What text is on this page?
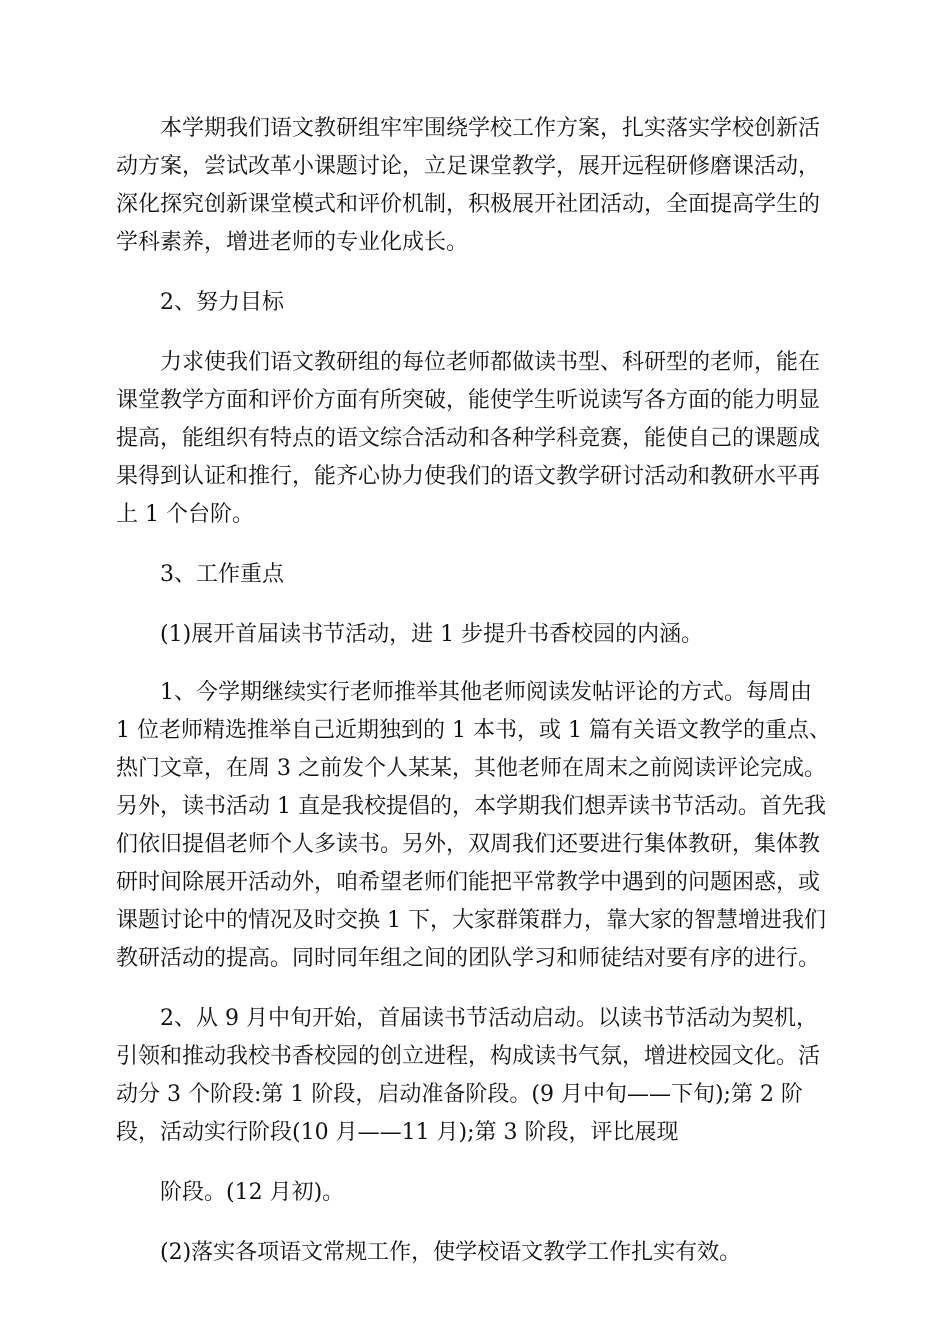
本学期我们语文教研组牢牢围绕学校工作方案，扎实落实学校创新活
动方案，尝试改革小课题讨论，立足课堂教学，展开远程研修磨课活动，
深化探究创新课堂模式和评价机制，积极展开社团活动，全面提高学生的
学科素养，增进老师的专业化成长。
2、努力目标
力求使我们语文教研组的每位老师都做读书型、科研型的老师，能在
课堂教学方面和评价方面有所突破，能使学生听说读写各方面的能力明显
提高，能组织有特点的语文综合活动和各种学科竞赛，能使自己的课题成
果得到认证和推行，能齐心协力使我们的语文教学研讨活动和教研水平再
上 1 个台阶。
3、工作重点
(1)展开首届读书节活动，进 1 步提升书香校园的内涵。
1、今学期继续实行老师推举其他老师阅读发帖评论的方式。每周由
1 位老师精选推举自己近期独到的 1 本书，或 1 篇有关语文教学的重点、
热门文章，在周 3 之前发个人某某，其他老师在周末之前阅读评论完成。
另外，读书活动 1 直是我校提倡的，本学期我们想弄读书节活动。首先我
们依旧提倡老师个人多读书。另外，双周我们还要进行集体教研，集体教
研时间除展开活动外，咱希望老师们能把平常教学中遇到的问题困惑，或
课题讨论中的情况及时交换 1 下，大家群策群力，靠大家的智慧增进我们
教研活动的提高。同时同年组之间的团队学习和师徒结对要有序的进行。
2、从 9 月中旬开始，首届读书节活动启动。以读书节活动为契机，
引领和推动我校书香校园的创立进程，构成读书气氛，增进校园文化。活
动分 3 个阶段:第 1 阶段，启动准备阶段。(9 月中旬——下旬);第 2 阶
段，活动实行阶段(10 月——11 月);第 3 阶段，评比展现
阶段。(12 月初)。
(2)落实各项语文常规工作，使学校语文教学工作扎实有效。
